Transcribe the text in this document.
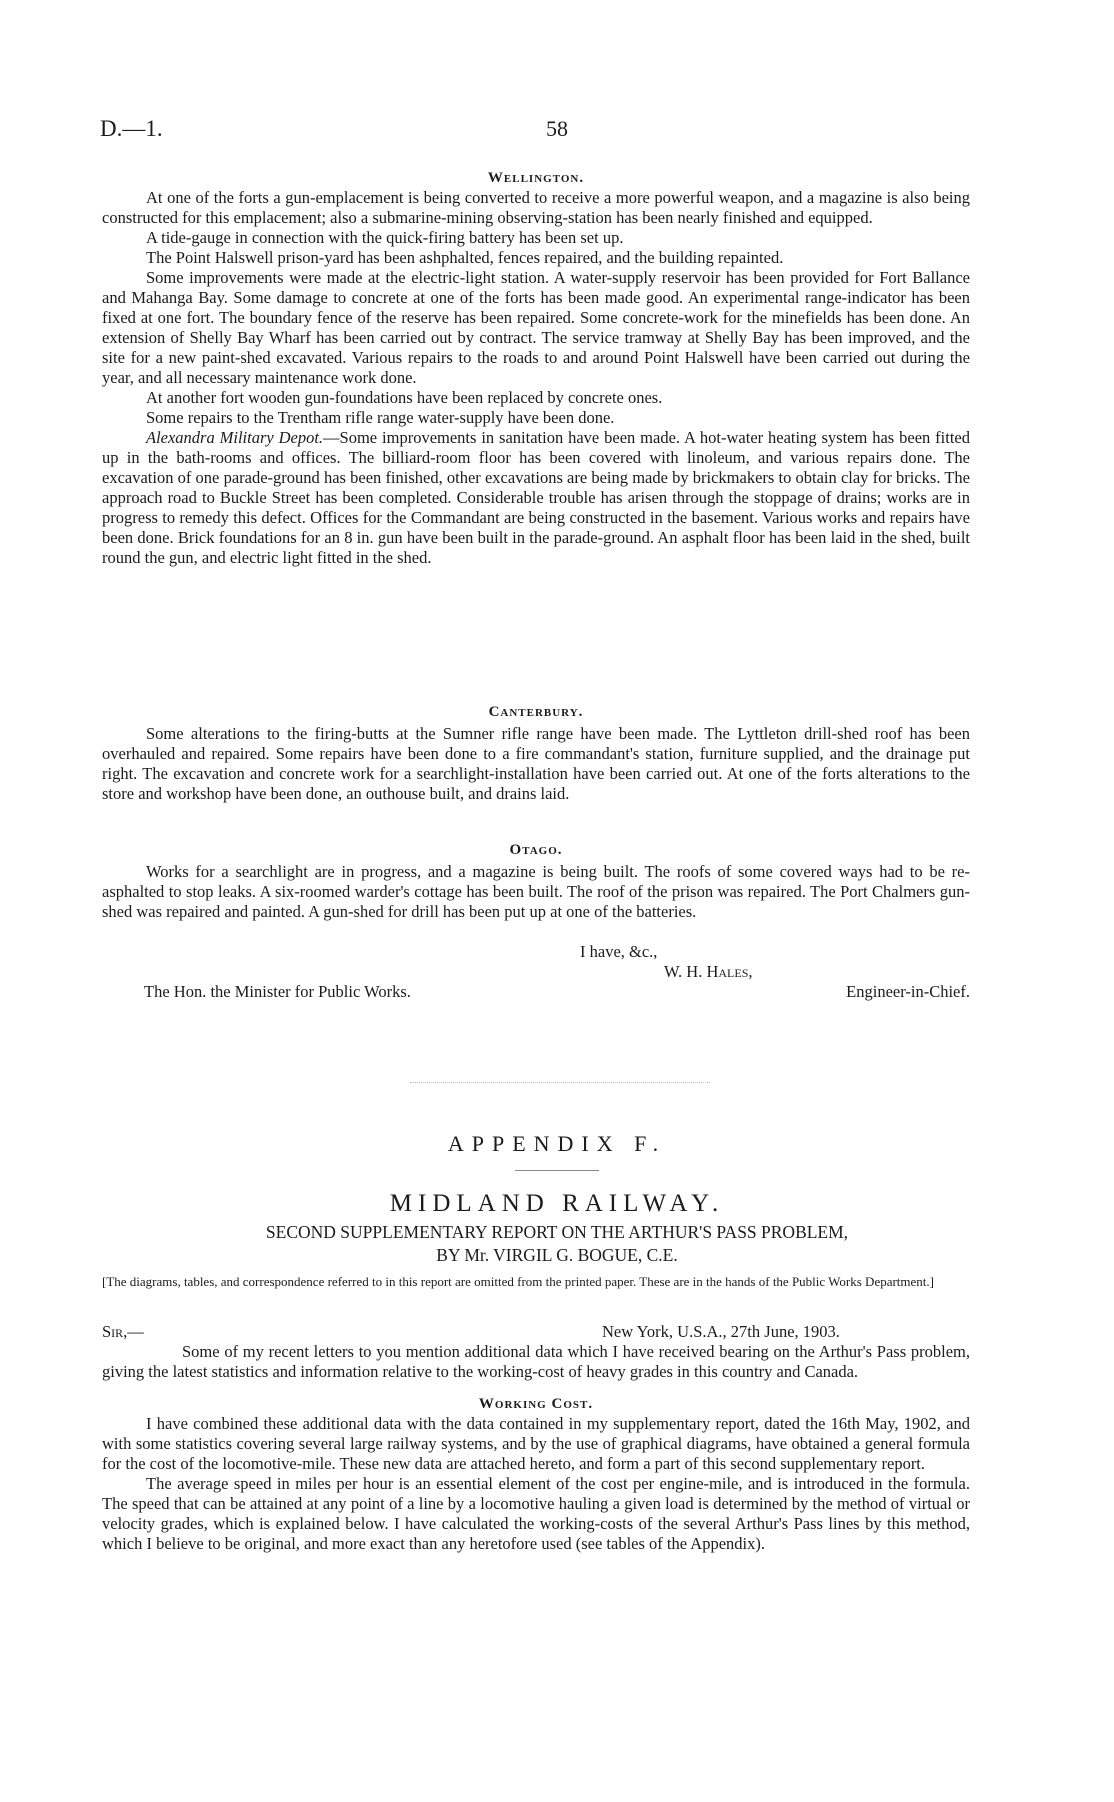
D.—1.	58
Wellington.

At one of the forts a gun-emplacement is being converted to receive a more powerful weapon, and a magazine is also being constructed for this emplacement; also a submarine-mining observing-station has been nearly finished and equipped.

A tide-gauge in connection with the quick-firing battery has been set up.

The Point Halswell prison-yard has been ashphalted, fences repaired, and the building repainted.

Some improvements were made at the electric-light station. A water-supply reservoir has been provided for Fort Ballance and Mahanga Bay. Some damage to concrete at one of the forts has been made good. An experimental range-indicator has been fixed at one fort. The boundary fence of the reserve has been repaired. Some concrete-work for the minefields has been done. An extension of Shelly Bay Wharf has been carried out by contract. The service tramway at Shelly Bay has been improved, and the site for a new paint-shed excavated. Various repairs to the roads to and around Point Halswell have been carried out during the year, and all necessary maintenance work done.

At another fort wooden gun-foundations have been replaced by concrete ones.

Some repairs to the Trentham rifle range water-supply have been done.

Alexandra Military Depot.—Some improvements in sanitation have been made. A hot-water heating system has been fitted up in the bath-rooms and offices. The billiard-room floor has been covered with linoleum, and various repairs done. The excavation of one parade-ground has been finished, other excavations are being made by brickmakers to obtain clay for bricks. The approach road to Buckle Street has been completed. Considerable trouble has arisen through the stoppage of drains; works are in progress to remedy this defect. Offices for the Commandant are being constructed in the basement. Various works and repairs have been done. Brick foundations for an 8 in. gun have been built in the parade-ground. An asphalt floor has been laid in the shed, built round the gun, and electric light fitted in the shed.

Canterbury.

Some alterations to the firing-butts at the Sumner rifle range have been made. The Lyttleton drill-shed roof has been overhauled and repaired. Some repairs have been done to a fire commandant's station, furniture supplied, and the drainage put right. The excavation and concrete work for a searchlight-installation have been carried out. At one of the forts alterations to the store and workshop have been done, an outhouse built, and drains laid.

Otago.

Works for a searchlight are in progress, and a magazine is being built. The roofs of some covered ways had to be re-asphalted to stop leaks. A six-roomed warder's cottage has been built. The roof of the prison was repaired. The Port Chalmers gun-shed was repaired and painted. A gun-shed for drill has been put up at one of the batteries.

I have, &c.,
W. H. Hales,
The Hon. the Minister for Public Works.	Engineer-in-Chief.
APPENDIX F.
MIDLAND RAILWAY.
SECOND SUPPLEMENTARY REPORT ON THE ARTHUR'S PASS PROBLEM,
BY Mr. VIRGIL G. BOGUE, C.E.
[The diagrams, tables, and correspondence referred to in this report are omitted from the printed paper. These are in the hands of the Public Works Department.]
Sir,—	New York, U.S.A., 27th June, 1903.

Some of my recent letters to you mention additional data which I have received bearing on the Arthur's Pass problem, giving the latest statistics and information relative to the working-cost of heavy grades in this country and Canada.

Working Cost.

I have combined these additional data with the data contained in my supplementary report, dated the 16th May, 1902, and with some statistics covering several large railway systems, and by the use of graphical diagrams, have obtained a general formula for the cost of the locomotive-mile. These new data are attached hereto, and form a part of this second supplementary report.

The average speed in miles per hour is an essential element of the cost per engine-mile, and is introduced in the formula. The speed that can be attained at any point of a line by a locomotive hauling a given load is determined by the method of virtual or velocity grades, which is explained below. I have calculated the working-costs of the several Arthur's Pass lines by this method, which I believe to be original, and more exact than any heretofore used (see tables of the Appendix).
